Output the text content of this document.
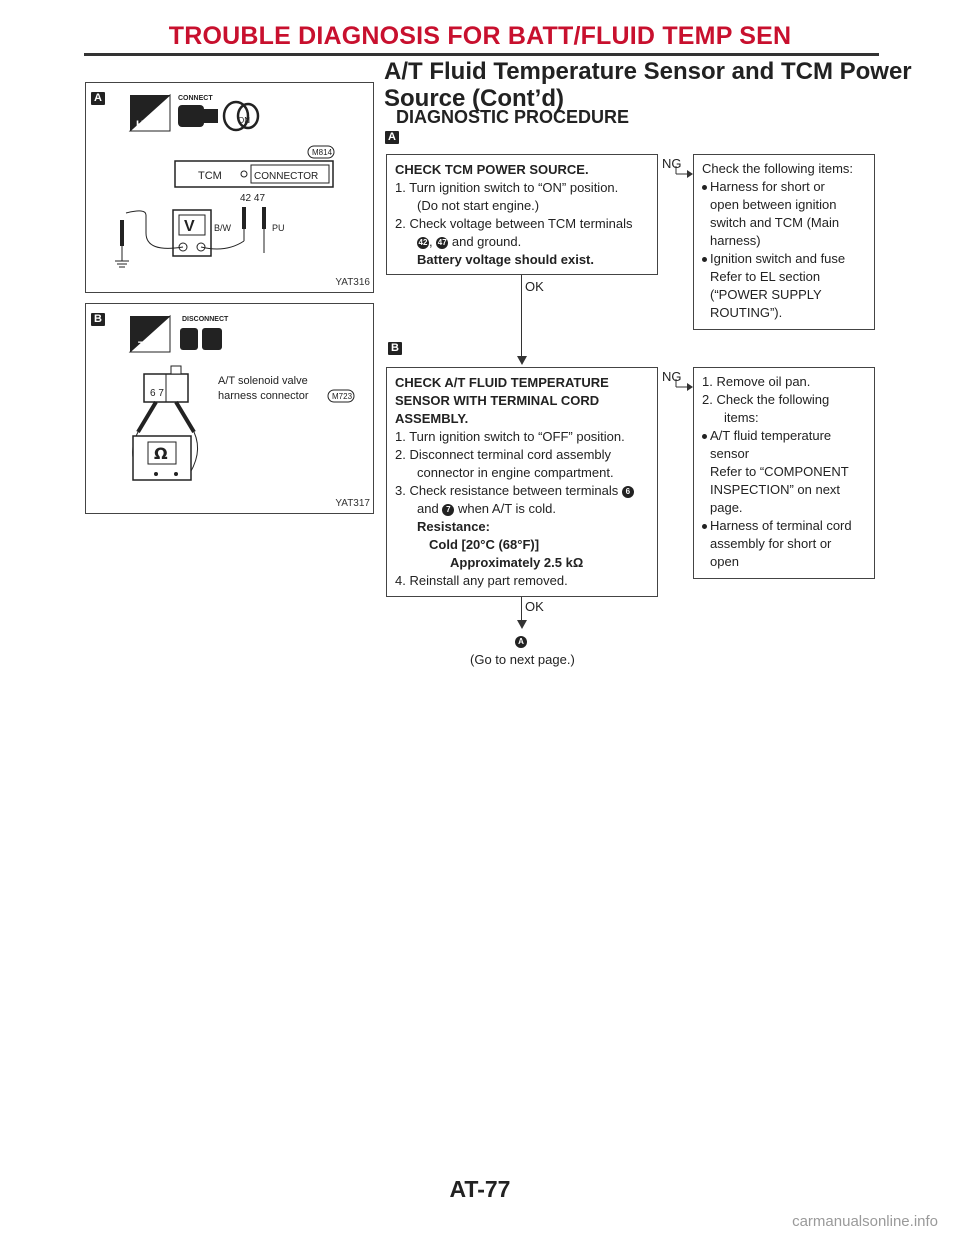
TROUBLE DIAGNOSIS FOR BATT/FLUID TEMP SEN
A/T Fluid Temperature Sensor and TCM Power
Source (Cont’d)
DIAGNOSTIC PROCEDURE
A
H.S.
CONNECT
ON
M814
TCM	CONNECTOR
42 47
V B/W	PU
YAT316
B
T.S.
DISCONNECT
6 7
A/T solenoid valve
harness connector	M723
Ω
YAT317
A

CHECK TCM POWER SOURCE.

1. Turn ignition switch to “ON” position.

(Do not start engine.)

2. Check voltage between TCM terminals

42 , 47 and ground.

Battery voltage should exist.

NG Check the following items:

Harness for short or

open between ignition

switch and TCM (Main

harness)

Ignition switch and fuse

Refer to EL section

(“POWER SUPPLY

ROUTING”).

OK
B

CHECK A/T FLUID TEMPERATURE

SENSOR WITH TERMINAL CORD

ASSEMBLY.

1. Turn ignition switch to “OFF” position.

2. Disconnect terminal cord assembly

connector in engine compartment.

3. Check resistance between terminals 6

and 7 when A/T is cold.

Resistance:

Cold [20°C (68°F)]

Approximately 2.5 kΩ

4. Reinstall any part removed.

NG 1. Remove oil pan.

2. Check the following

items:

A/T fluid temperature

sensor

Refer to “COMPONENT

INSPECTION” on next

page.

Harness of terminal cord

assembly for short or

open

OK
A
(Go to next page.)
AT-77
carmanualsonline.info
